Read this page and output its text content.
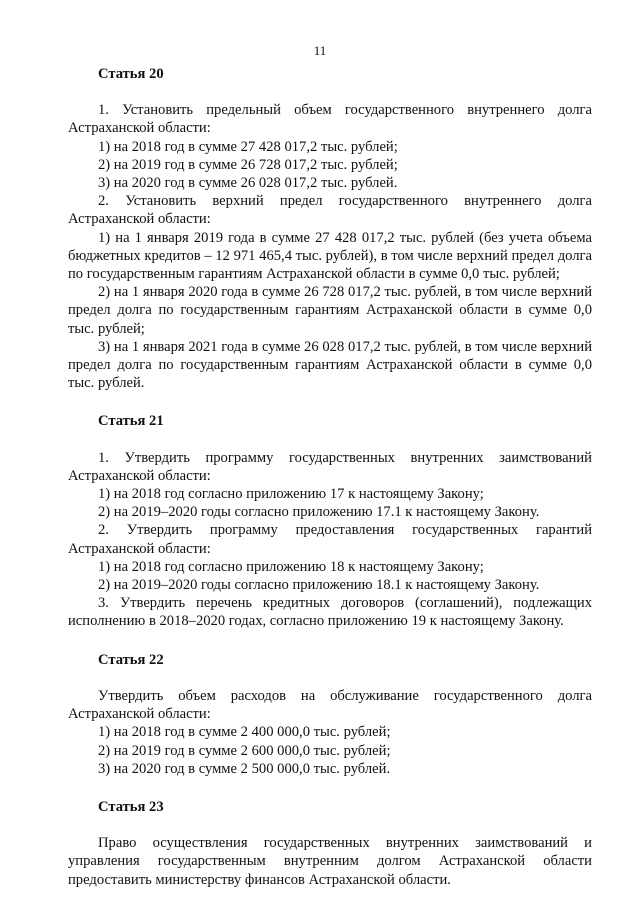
11

Статья 20

1. Установить предельный объем государственного внутреннего долга Астраханской области:

1) на 2018 год в сумме 27 428 017,2 тыс. рублей;

2) на 2019 год в сумме 26 728 017,2 тыс. рублей;

3) на 2020 год в сумме 26 028 017,2 тыс. рублей.

2. Установить верхний предел государственного внутреннего долга Астраханской области:

1) на 1 января 2019 года в сумме 27 428 017,2 тыс. рублей (без учета объема бюджетных кредитов – 12 971 465,4 тыс. рублей), в том числе верхний предел долга по государственным гарантиям Астраханской области в сумме 0,0 тыс. рублей;

2) на 1 января 2020 года в сумме 26 728 017,2 тыс. рублей, в том числе верхний предел долга по государственным гарантиям Астраханской области в сумме 0,0 тыс. рублей;

3) на 1 января 2021 года в сумме 26 028 017,2 тыс. рублей, в том числе верхний предел долга по государственным гарантиям Астраханской области в сумме 0,0 тыс. рублей.

Статья 21

1. Утвердить программу государственных внутренних заимствований Астраханской области:

1) на 2018 год согласно приложению 17 к настоящему Закону;

2) на 2019–2020 годы согласно приложению 17.1 к настоящему Закону.

2. Утвердить программу предоставления государственных гарантий Астраханской области:

1) на 2018 год согласно приложению 18 к настоящему Закону;

2) на 2019–2020 годы согласно приложению 18.1 к настоящему Закону.

3. Утвердить перечень кредитных договоров (соглашений), подлежащих исполнению в 2018–2020 годах, согласно приложению 19 к настоящему Закону.

Статья 22

Утвердить объем расходов на обслуживание государственного долга Астраханской области:

1) на 2018 год в сумме 2 400 000,0 тыс. рублей;

2) на 2019 год в сумме 2 600 000,0 тыс. рублей;

3) на 2020 год в сумме 2 500 000,0 тыс. рублей.

Статья 23

Право осуществления государственных внутренних заимствований и управления государственным внутренним долгом Астраханской области предоставить министерству финансов Астраханской области.
